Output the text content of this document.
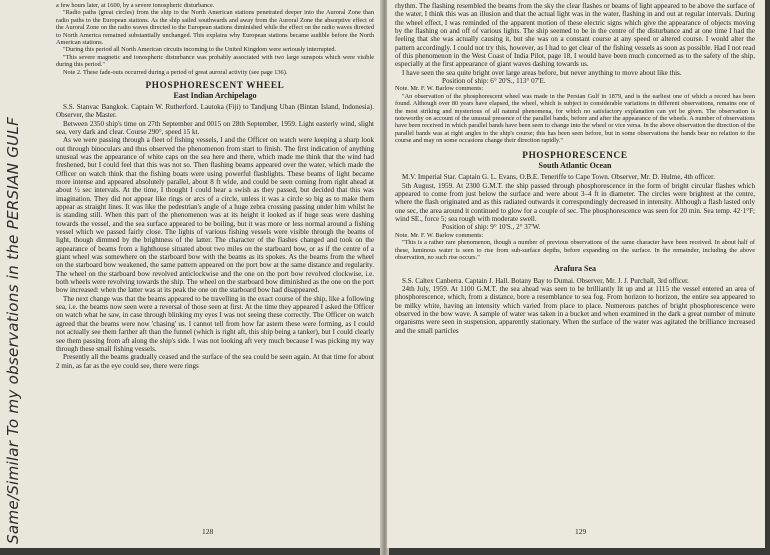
a few hours later, at 1600, by a severe ionospheric disturbance.

"Radio paths (great circles) from the ship to the North American stations penetrated deeper into the Auroral Zone than radio paths to the European stations. As the ship sailed southwards and away from the Auroral Zone the absorptive effect of the Auroral Zone on the radio waves directed to the European stations diminished while the effect on the radio waves directed to North America remained substantially unchanged. This explains why European stations became audible before the North American stations.

"During this period all North American circuits incoming to the United Kingdom were seriously interrupted.

"This severe magnetic and ionospheric disturbance was probably associated with two large sunspots which were visible during this period."

Note 2. These fade-outs occurred during a period of great auroral activity (see page 136).

PHOSPHORESCENT WHEEL
East Indian Archipelago

S.S. Stanvac Bangkok. Captain W. Rutherford. Lautoka (Fiji) to Tandjung Uban (Bintan Island, Indonesia). Observer, the Master.

Between 2350 ship's time on 27th September and 0015 on 28th September, 1959. Light easterly wind, slight sea, very dark and clear. Course 290°, speed 15 kt.

As we were passing through a fleet of fishing vessels, I and the Officer on watch were keeping a sharp look out through binoculars and thus observed the phenomenon from start to finish. The first indication of anything unusual was the appearance of white caps on the sea here and there, which made me think that the wind had freshened, but I could feel that this was not so. Then flashing beams appeared over the water, which made the Officer on watch think that the fishing boats were using powerful flashlights. These beams of light became more intense and appeared absolutely parallel, about 8 ft wide, and could be seen coming from right ahead at about ½ sec intervals. At the time, I thought I could hear a swish as they passed, but decided that this was imagination. They did not appear like rings or arcs of a circle, unless it was a circle so big as to make them appear as straight lines. It was like the pedestrian's angle of a huge zebra crossing passing under him whilst he is standing still. When this part of the phenomenon was at its height it looked as if huge seas were dashing towards the vessel, and the sea surface appeared to be boiling, but it was more or less normal around a fishing vessel which we passed fairly close. The lights of various fishing vessels were visible through the beams of light, though dimmed by the brightness of the latter. The character of the flashes changed and took on the appearance of beams from a lighthouse situated about two miles on the starboard bow, or as if the centre of a giant wheel was somewhere on the starboard bow with the beams as its spokes. As the beams from the wheel on the starboard bow weakened, the same pattern appeared on the port bow at the same distance and regularity. The wheel on the starboard bow revolved anticlockwise and the one on the port bow revolved clockwise, i.e. both wheels were revolving towards the ship. The wheel on the starboard bow diminished as the one on the port bow increased: when the latter was at its peak the one on the starboard bow had disappeared.

The next change was that the beams appeared to be travelling in the exact course of the ship, like a following sea, i.e. the beams now seen were a reversal of those seen at first. At the time they appeared I asked the Officer on watch what he saw, in case through blinking my eyes I was not seeing these correctly. The Officer on watch agreed that the beams were now 'chasing' us. I cannot tell from how far astern these were forming, as I could not actually see them farther aft than the funnel (which is right aft, this ship being a tanker), but I could clearly see them passing from aft along the ship's side. I was not looking aft very much because I was picking my way through these small fishing vessels.

Presently all the beams gradually ceased and the surface of the sea could be seen again. At that time for about 2 min, as far as the eye could see, there were rings

128

rhythm. The flashing resembled the beams from the sky the clear flashes or beams of light appeared to be above the surface of the water, I think this was an illusion and that the actual light was in the water, flashing in and out at regular intervals. During the wheel effect, I was reminded of the apparent motion of these electric signs which give the appearance of objects moving by the flashing on and off of various lights. The ship seemed to be in the centre of the disturbance and at one time I had the feeling that she was actually causing it, but she was on a constant course at any speed or altered course. I would alter the pattern accordingly. I could not try this, however, as I had to get clear of the fishing vessels as soon as possible. Had I not read of this phenomenon in the West Coast of India Pilot, page 18, I would have been much concerned as to the safety of the ship, especially at the first appearance of giant waves dashing towards us.

I have seen the sea quite bright over large areas before, but never anything to move about like this.

Position of ship: 6° 20'S., 113° 07'E.

Note. Mr. F. W. Barlow comments:

"An observation of the phosphorescent wheel was made in the Persian Gulf in 1879, and is the earliest one of which a record has been found. Although over 80 years have elapsed, the wheel, which is subject to considerable variations in different observations, remains one of the most striking and mysterious of all natural phenomena, for which no satisfactory explanation can yet be given. The observation is noteworthy on account of the unusual presence of the parallel bands, before and after the appearance of the wheels. A number of observations have been received in which parallel bands have been seen to change into the wheel or vice versa. In the above observation the direction of the parallel bands was at right angles to the ship's course; this has been seen before, but in some observations the bands bear no relation to the course and may on some occasions change their direction rapidly."

PHOSPHORESCENCE
South Atlantic Ocean

M.V. Imperial Star. Captain G. L. Evans, O.B.E. Teneriffe to Cape Town. Observer, Mr. D. Hulme, 4th officer.

5th August, 1959. At 2300 G.M.T. the ship passed through phosphorescence in the form of bright circular flashes which appeared to come from just below the surface and were about 3–4 ft in diameter. The circles were brightest at the centre, where the flash originated and as this radiated outwards it correspondingly decreased in intensity. Although a flash lasted only one sec, the area around it continued to glow for a couple of sec. The phosphorescence was seen for 20 min. Sea temp. 42·1°F; wind SE., force 5; sea rough with moderate swell.

Position of ship: 9° 10'S., 2° 37'W.

Note. Mr. F. W. Barlow comments:

"This is a rather rare phenomenon, though a number of previous observations of the same character have been received. In about half of these, luminous water is seen to rise from sub-surface depths, before expanding on the surface. In the remainder, including the above observation, no such rise occurs."

Arafura Sea

S.S. Caltex Canberra. Captain J. Hall. Botany Bay to Dumai. Observer, Mr. J. J. Purchall, 3rd officer.

24th July, 1959. At 1100 G.M.T. the sea ahead was seen to be brilliantly lit up and at 1115 the vessel entered an area of phosphorescence, which, from a distance, bore a resemblance to sea fog. From horizon to horizon, the entire sea appeared to be milky white, having an intensity which varied from place to place. Numerous patches of bright phosphorescence were observed in the bow wave. A sample of water was taken in a bucket and when examined in the dark a great number of minute organisms were seen in suspension, apparently stationary. When the surface of the water was agitated the brilliance increased and the small particles

129
Same/Similar To my observations in the PERSIAN GULF
